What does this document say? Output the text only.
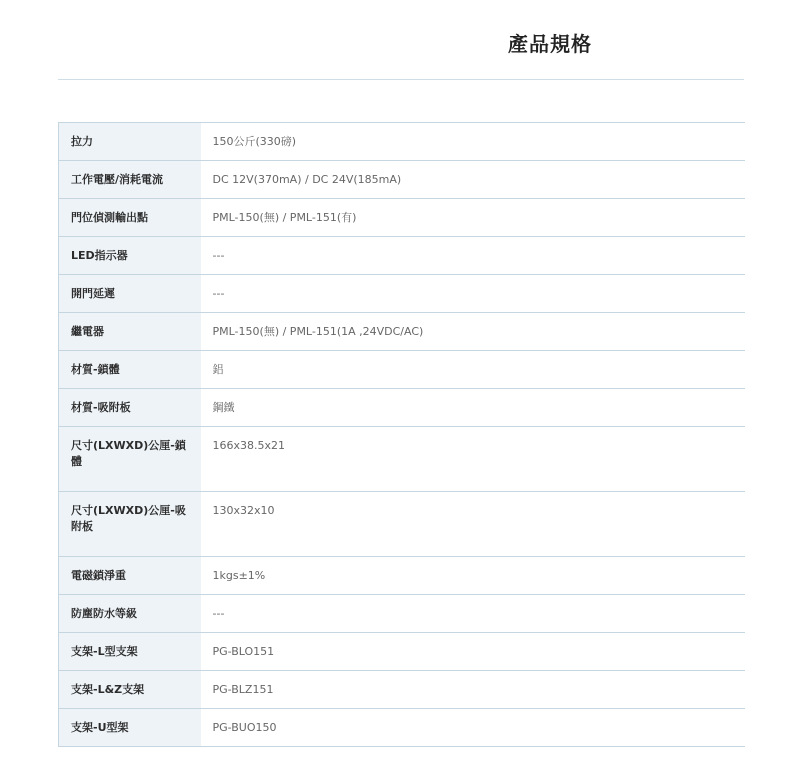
產品規格
拉力	150公斤(330磅)
工作電壓/消耗電流	DC 12V(370mA) / DC 24V(185mA)
門位偵測輸出點	PML-150(無) / PML-151(有)
LED指示器	---
開門延遲	---
繼電器	PML-150(無) / PML-151(1A ,24VDC/AC)
材質-鎖體	鋁
材質-吸附板	鋼鐵
尺寸(LXWXD)公厘-鎖體	166x38.5x21
尺寸(LXWXD)公厘-吸附板	130x32x10
電磁鎖淨重	1kgs±1%
防塵防水等級	---
支架-L型支架	PG-BLO151
支架-L&Z支架	PG-BLZ151
支架-U型架	PG-BUO150
